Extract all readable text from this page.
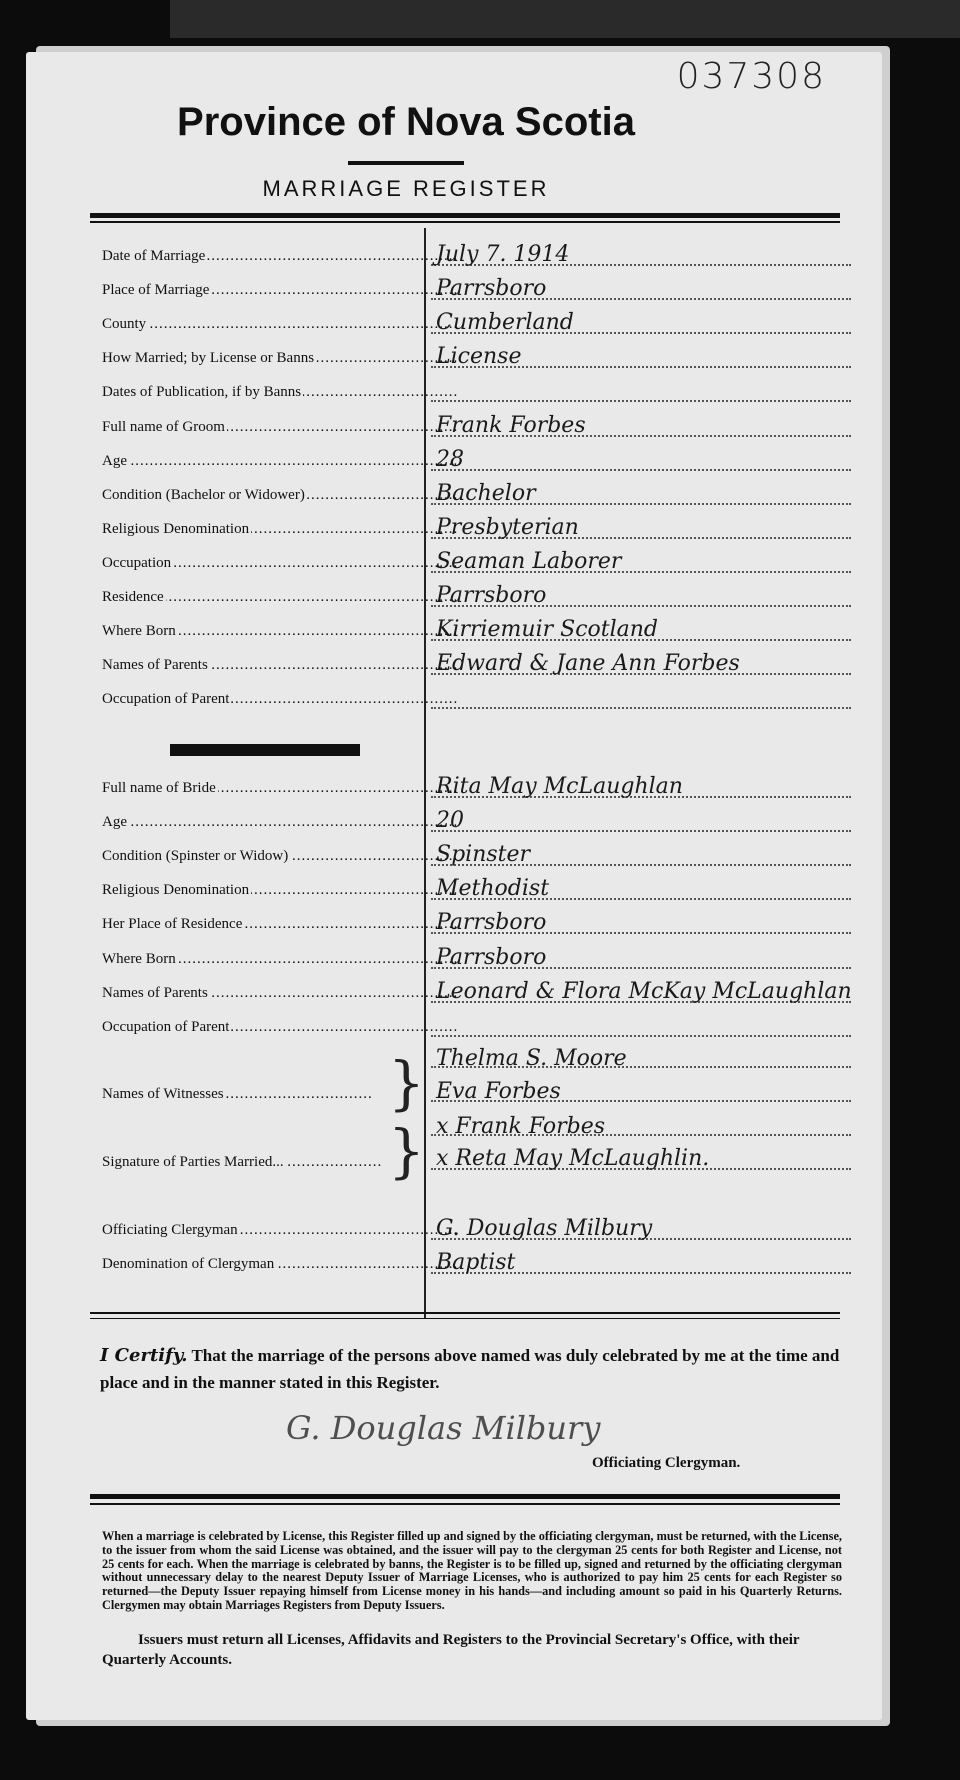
037308
Province of Nova Scotia
MARRIAGE REGISTER
Date of Marriage .....	July 7. 1914
Place of Marriage .....	Parrsboro
County .....	Cumberland
How Married; by License or Banns .....	License
Dates of Publication, if by Banns .....
Full name of Groom .....	Frank Forbes
Age .....	28
Condition (Bachelor or Widower) .....	Bachelor
Religious Denomination .....	Presbyterian
Occupation .....	Seaman Laborer
Residence .....	Parrsboro
Where Born .....	Kirriemuir Scotland
Names of Parents .....	Edward & Jane Ann Forbes
Occupation of Parent .....
Full name of Bride .....	Rita May McLaughlan
Age .....	20
Condition (Spinster or Widow) .....	Spinster
Religious Denomination .....	Methodist
Her Place of Residence .....	Parrsboro
Where Born .....	Parrsboro
Names of Parents .....	Leonard & Flora McKay McLaughlan
Occupation of Parent .....
Names of Witnesses .....	} Thelma S. Moore
Eva Forbes
Signature of Parties Married... .....	} x Frank Forbes
x Reta May McLaughlin.
Officiating Clergyman .....	G. Douglas Milbury
Denomination of Clergyman .....	Baptist
I Certify. That the marriage of the persons above named was duly celebrated by me at the time and place and in the manner stated in this Register.
G. Douglas Milbury
Officiating Clergyman.
When a marriage is celebrated by License, this Register filled up and signed by the officiating clergyman, must be returned, with the License, to the issuer from whom the said License was obtained, and the issuer will pay to the clergyman 25 cents for both Register and License, not 25 cents for each. When the marriage is celebrated by banns, the Register is to be filled up, signed and returned by the officiating clergyman without unnecessary delay to the nearest Deputy Issuer of Marriage Licenses, who is authorized to pay him 25 cents for each Register so returned—the Deputy Issuer repaying himself from License money in his hands—and including amount so paid in his Quarterly Returns. Clergymen may obtain Marriages Registers from Deputy Issuers.
Issuers must return all Licenses, Affidavits and Registers to the Provincial Secretary's Office, with their Quarterly Accounts.
